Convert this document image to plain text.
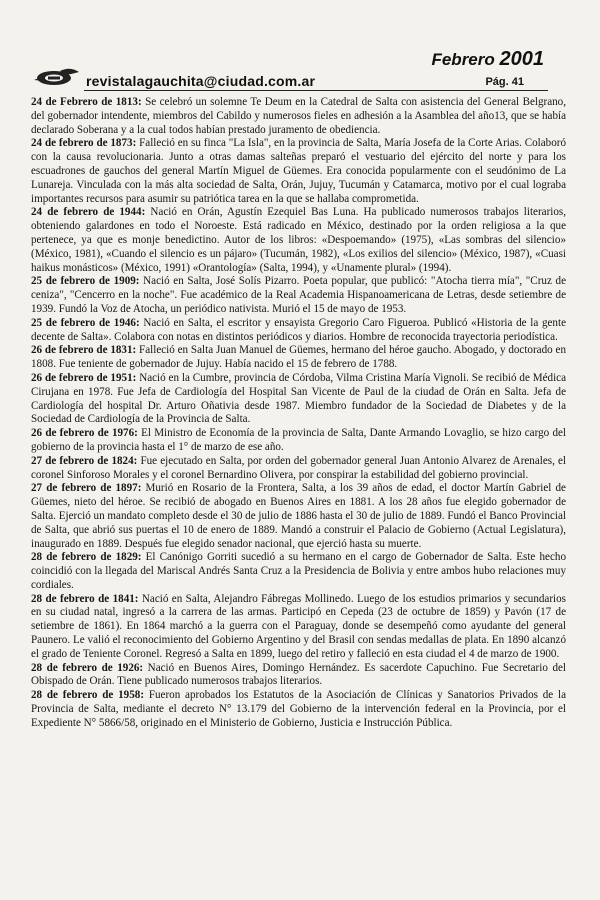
Febrero 2001
revistalagauchita@ciudad.com.ar	Pág. 41

24 de Febrero de 1813: Se celebró un solemne Te Deum en la Catedral de Salta con asistencia del General Belgrano, del gobernador intendente, miembros del Cabildo y numerosos fieles en adhesión a la Asamblea del año13, que se había declarado Soberana y a la cual todos habían prestado juramento de obediencia.

24 de febrero de 1873: Falleció en su finca "La Isla", en la provincia de Salta, María Josefa de la Corte Arias. Colaboró con la causa revolucionaria. Junto a otras damas salteñas preparó el vestuario del ejército del norte y para los escuadrones de gauchos del general Martín Miguel de Güemes. Era conocida popularmente con el seudónimo de La Lunareja. Vinculada con la más alta sociedad de Salta, Orán, Jujuy, Tucumán y Catamarca, motivo por el cual lograba importantes recursos para asumir su patriótica tarea en la que se hallaba comprometida.

24 de febrero de 1944: Nació en Orán, Agustín Ezequiel Bas Luna. Ha publicado numerosos trabajos literarios, obteniendo galardones en todo el Noroeste. Está radicado en México, destinado por la orden religiosa a la que pertenece, ya que es monje benedictino. Autor de los libros: «Despoemando» (1975), «Las sombras del silencio» (México, 1981), «Cuando el silencio es un pájaro» (Tucumán, 1982), «Los exilios del silencio» (México, 1987), «Cuasi haikus monásticos» (México, 1991) «Orantología» (Salta, 1994), y «Unamente plural» (1994).

25 de febrero de 1909: Nació en Salta, José Solís Pizarro. Poeta popular, que publicó: "Atocha tierra mía", "Cruz de ceniza", "Cencerro en la noche". Fue académico de la Real Academia Hispanoamericana de Letras, desde setiembre de 1939. Fundó la Voz de Atocha, un periódico nativista. Murió el 15 de mayo de 1953.

25 de febrero de 1946: Nació en Salta, el escritor y ensayista Gregorio Caro Figueroa. Publicó «Historia de la gente decente de Salta». Colabora con notas en distintos periódicos y diarios. Hombre de reconocida trayectoria periodística.

26 de febrero de 1831: Falleció en Salta Juan Manuel de Güemes, hermano del héroe gaucho. Abogado, y doctorado en 1808. Fue teniente de gobernador de Jujuy. Había nacido el 15 de febrero de 1788.

26 de febrero de 1951: Nació en la Cumbre, provincia de Córdoba, Vilma Cristina María Vignoli. Se recibió de Médica Cirujana en 1978. Fue Jefa de Cardiología del Hospital San Vicente de Paul de la ciudad de Orán en Salta. Jefa de Cardiología del hospital Dr. Arturo Oñativia desde 1987. Miembro fundador de la Sociedad de Diabetes y de la Sociedad de Cardiología de la Provincia de Salta.

26 de febrero de 1976: El Ministro de Economía de la provincia de Salta, Dante Armando Lovaglio, se hizo cargo del gobierno de la provincia hasta el 1° de marzo de ese año.

27 de febrero de 1824: Fue ejecutado en Salta, por orden del gobernador general Juan Antonio Alvarez de Arenales, el coronel Sinforoso Morales y el coronel Bernardino Olivera, por conspirar la estabilidad del gobierno provincial.

27 de febrero de 1897: Murió en Rosario de la Frontera, Salta, a los 39 años de edad, el doctor Martín Gabriel de Güemes, nieto del héroe. Se recibió de abogado en Buenos Aires en 1881. A los 28 años fue elegido gobernador de Salta. Ejerció un mandato completo desde el 30 de julio de 1886 hasta el 30 de julio de 1889. Fundó el Banco Provincial de Salta, que abrió sus puertas el 10 de enero de 1889. Mandó a construir el Palacio de Gobierno (Actual Legislatura), inaugurado en 1889. Después fue elegido senador nacional, que ejerció hasta su muerte.

28 de febrero de 1829: El Canónigo Gorriti sucedió a su hermano en el cargo de Gobernador de Salta. Este hecho coincidió con la llegada del Mariscal Andrés Santa Cruz a la Presidencia de Bolivia y entre ambos hubo relaciones muy cordiales.

28 de febrero de 1841: Nació en Salta, Alejandro Fábregas Mollinedo. Luego de los estudios primarios y secundarios en su ciudad natal, ingresó a la carrera de las armas. Participó en Cepeda (23 de octubre de 1859) y Pavón (17 de setiembre de 1861). En 1864 marchó a la guerra con el Paraguay, donde se desempeñó como ayudante del general Paunero. Le valió el reconocimiento del Gobierno Argentino y del Brasil con sendas medallas de plata. En 1890 alcanzó el grado de Teniente Coronel. Regresó a Salta en 1899, luego del retiro y falleció en esta ciudad el 4 de marzo de 1900.

28 de febrero de 1926: Nació en Buenos Aires, Domingo Hernández. Es sacerdote Capuchino. Fue Secretario del Obispado de Orán. Tiene publicado numerosos trabajos literarios.

28 de febrero de 1958: Fueron aprobados los Estatutos de la Asociación de Clínicas y Sanatorios Privados de la Provincia de Salta, mediante el decreto N° 13.179 del Gobierno de la intervención federal en la Provincia, por el Expediente N° 5866/58, originado en el Ministerio de Gobierno, Justicia e Instrucción Pública.
